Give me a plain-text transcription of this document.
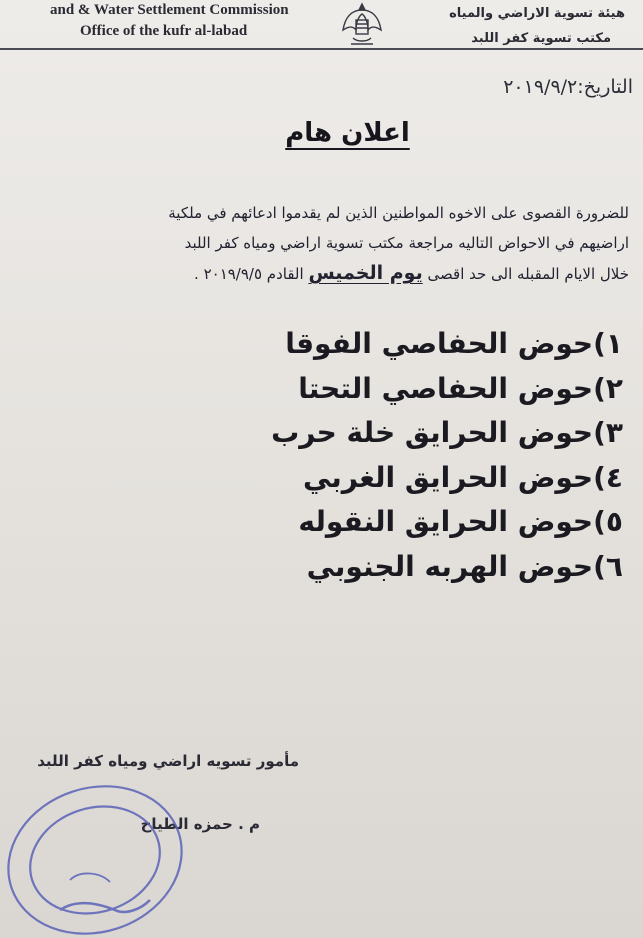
and & Water Settlement Commission
Office of the kufr al-labad
هيئة تسوية الاراضي والمياه
مكتب تسوية كفر اللبد
التاريخ:٢٠١٩/٩/٢
اعلان هام
للضرورة القصوى على الاخوه المواطنين الذين لم يقدموا ادعائهم في ملكية
اراضيهم في الاحواض التاليه مراجعة مكتب تسوية اراضي ومياه كفر اللبد
خلال الايام المقبله الى حد اقصى يوم الخميس القادم ٢٠١٩/٩/٥ .
١)حوض الحفاصي الفوقا
٢)حوض الحفاصي التحتا
٣)حوض الحرايق خلة حرب
٤)حوض الحرايق الغربي
٥)حوض الحرايق النقوله
٦)حوض الهربه الجنوبي
مأمور تسويه اراضي ومياه كفر اللبد
م . حمزه الطياح
